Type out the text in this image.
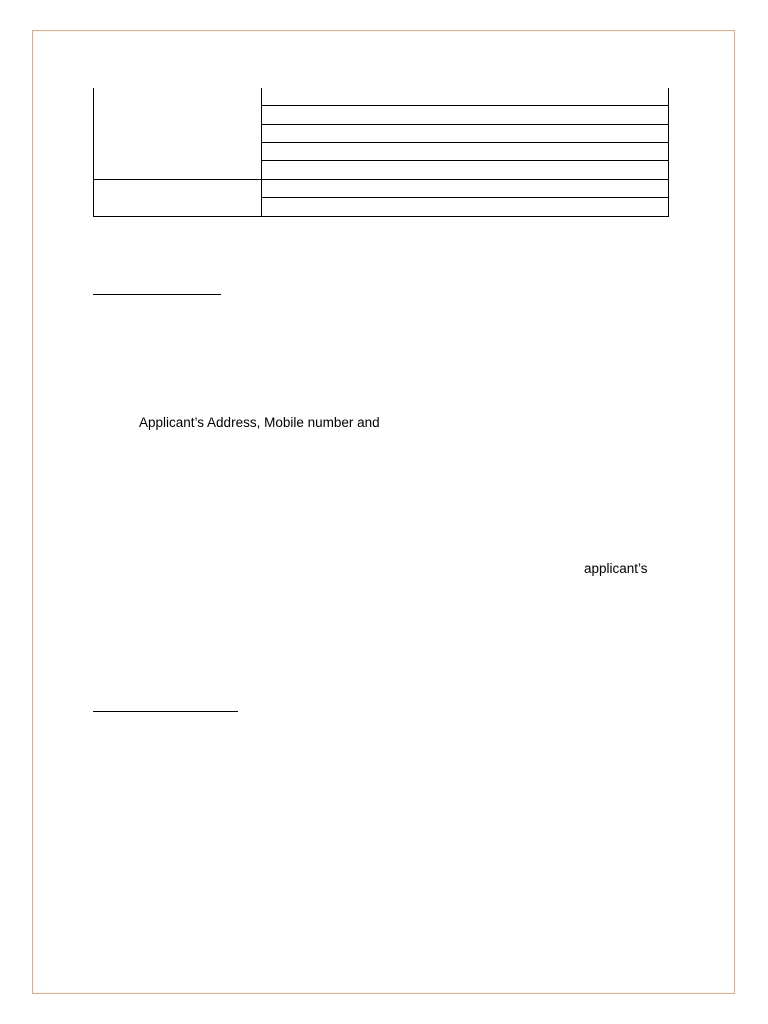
Applicant’s Address, Mobile number and
applicant’s
